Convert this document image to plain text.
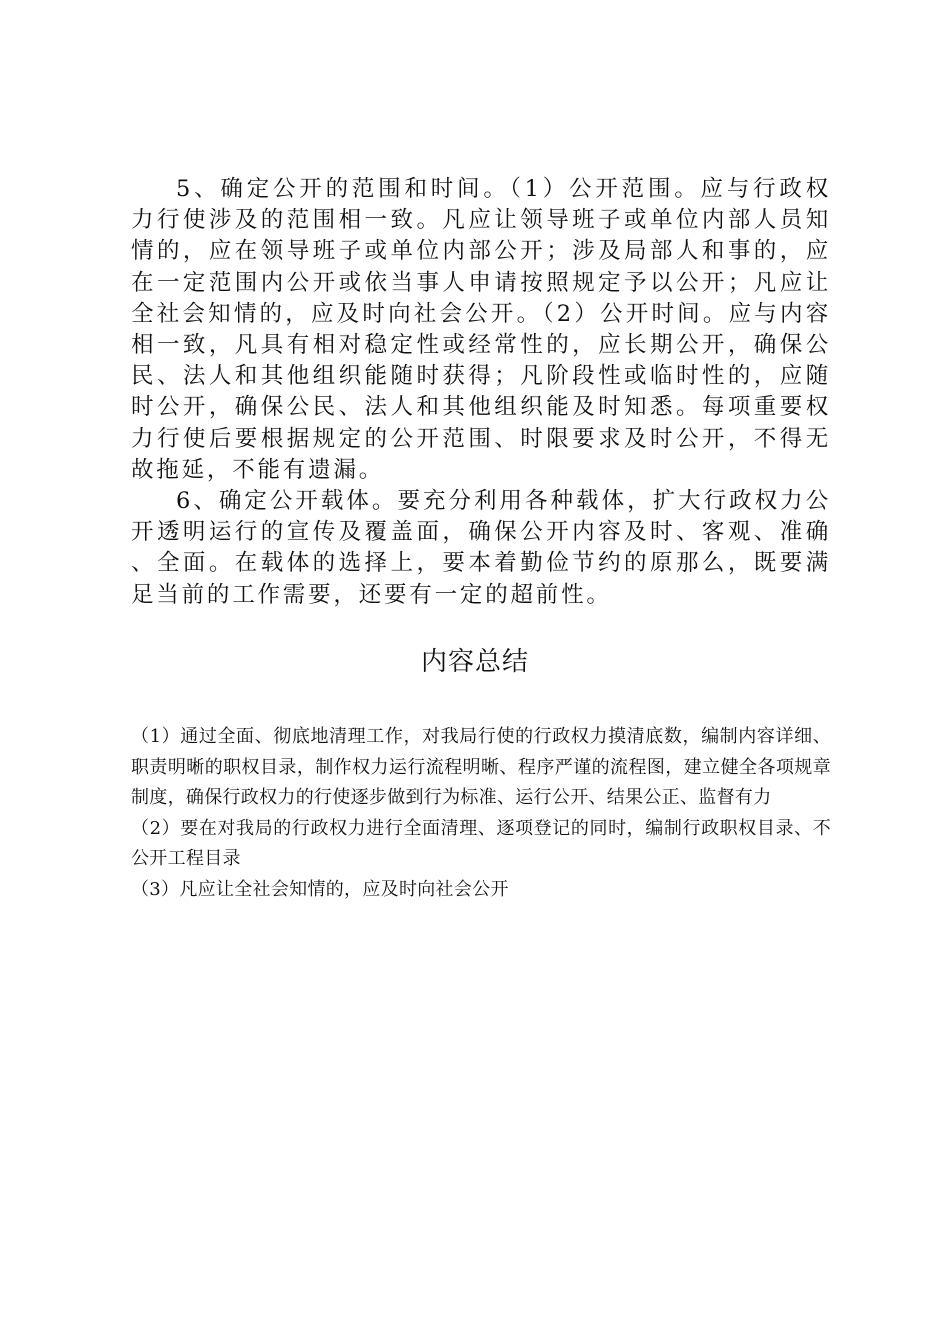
5、确定公开的范围和时间。（1）公开范围。应与行政权力行使涉及的范围相一致。凡应让领导班子或单位内部人员知情的，应在领导班子或单位内部公开；涉及局部人和事的，应在一定范围内公开或依当事人申请按照规定予以公开；凡应让全社会知情的，应及时向社会公开。（2）公开时间。应与内容相一致，凡具有相对稳定性或经常性的，应长期公开，确保公民、法人和其他组织能随时获得；凡阶段性或临时性的，应随时公开，确保公民、法人和其他组织能及时知悉。每项重要权力行使后要根据规定的公开范围、时限要求及时公开，不得无故拖延，不能有遗漏。

6、确定公开载体。要充分利用各种载体，扩大行政权力公开透明运行的宣传及覆盖面，确保公开内容及时、客观、准确、全面。在载体的选择上，要本着勤俭节约的原那么，既要满足当前的工作需要，还要有一定的超前性。

内容总结

（1）通过全面、彻底地清理工作，对我局行使的行政权力摸清底数，编制内容详细、职责明晰的职权目录，制作权力运行流程明晰、程序严谨的流程图，建立健全各项规章制度，确保行政权力的行使逐步做到行为标准、运行公开、结果公正、监督有力

（2）要在对我局的行政权力进行全面清理、逐项登记的同时，编制行政职权目录、不公开工程目录

（3）凡应让全社会知情的，应及时向社会公开
